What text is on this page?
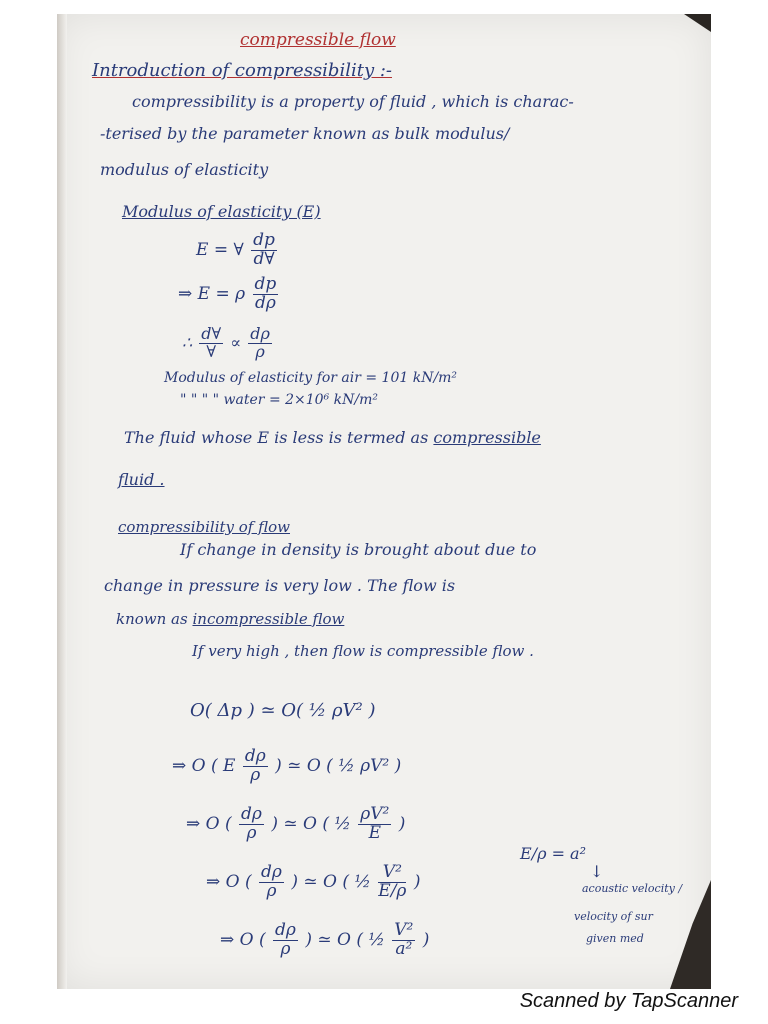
compressible flow
Introduction of compressibility :-
compressibility is a property of fluid , which is charac-
-terised by the parameter known as bulk modulus/
modulus of elasticity
Modulus of elasticity (E)
E = ∀ $\frac{dp}{d\forall}$
⇒ E = ρ $\frac{dp}{d\rho}$
∴ $\frac{d\forall}{\forall} \propto \frac{d\rho}{\rho}$
Modulus of elasticity for air = 101 kN/m²
" " " " water = 2×10⁶ kN/m²
The fluid whose E is less is termed as compressible
fluid .
compressibility of flow
If change in density is brought about due to
change in pressure is very low . The flow is
known as incompressible flow
If very high , then flow is compressible flow .
O( Δp ) ≃ O( ½ ρV² )
⇒ O ( E $\frac{d\rho}{\rho}$ ) ≃ O ( ½ ρV² )
⇒ O ( $\frac{d\rho}{\rho}$ ) ≃ O ( ½ $\frac{\text{ρV²}}{E}$ )
⇒ O ( $\frac{d\rho}{\rho}$ ) ≃ O ( ½ $\frac{\text{V²}}{E/\rho}$ )
⇒ O ( $\frac{d\rho}{\rho}$ ) ≃ O ( ½ $\frac{\text{V²}}{\text{a²}}$ )
E/ρ = a²
↓
acoustic velocity /
velocity of sur
given med
Scanned by TapScanner
